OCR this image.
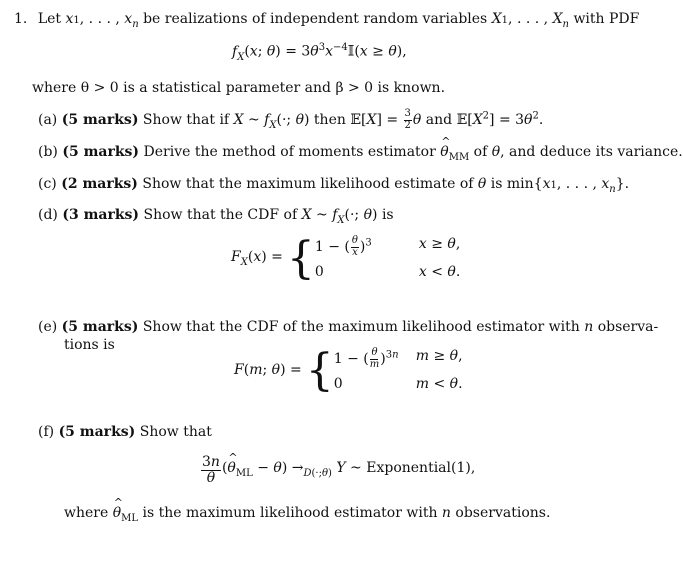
1. Let x1, . . . , $x_n$ be realizations of independent random variables X1, . . . , $X_n$ with PDF
$f_X(x$; $\theta) = 3\theta^3x^{-4}𝕀(x \ge \theta)$,
where θ > 0 is a statistical parameter and β > 0 is known.
(a) (5 marks) Show that if X ~ $f_X(\cdot$; θ) then 𝔼[X] = $\frac{3}{2}$ θ and $𝔼[X^2] = 3\theta^2$.
(b) (5 marks) Derive the method of moments estimator ^ $\theta_{MM}$ of θ, and deduce its variance.
(c) (2 marks) Show that the maximum likelihood estimate of θ is min{x1, . . . , $x_n$}.
(d) (3 marks) Show that the CDF of X ~ $f_X(\cdot$; θ) is
$F_X(x)$ = { 1 − ( $\frac{\theta}{x} )^3$	x ≥ θ,
0	x < θ.
(e) (5 marks) Show that the CDF of the maximum likelihood estimator with n observa-
tions is
F(m; θ) = { 1 − ( $\frac{\theta}{m} )^{3n}$	m ≥ θ,
0	m < θ.
(f) (5 marks) Show that
$\frac{3n}{\theta}$ (^ $\theta_{ML} - \theta) \to_{D(\cdot;\theta)}$ Y ~ Exponential(1),
where ^ $\theta_{ML}$ is the maximum likelihood estimator with n observations.
